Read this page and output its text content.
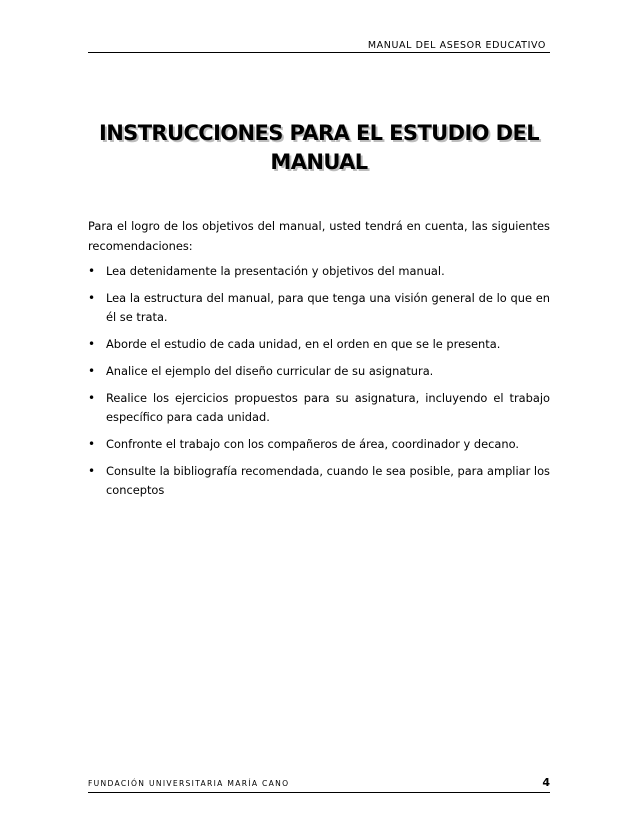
MANUAL DEL ASESOR EDUCATIVO
INSTRUCCIONES PARA EL ESTUDIO DEL
MANUAL

Para el logro de los objetivos del manual, usted tendrá en cuenta, las siguientes recomendaciones:

• Lea detenidamente la presentación y objetivos del manual.
• Lea la estructura del manual, para que tenga una visión general de lo que en él se trata.
• Aborde el estudio de cada unidad, en el orden en que se le presenta.
• Analice el ejemplo del diseño curricular de su asignatura.
• Realice los ejercicios propuestos para su asignatura, incluyendo el trabajo específico para cada unidad.
• Confronte el trabajo con los compañeros de área, coordinador y decano.
• Consulte la bibliografía recomendada, cuando le sea posible, para ampliar los conceptos
FUNDACIÓN UNIVERSITARIA MARÍA CANO	4
